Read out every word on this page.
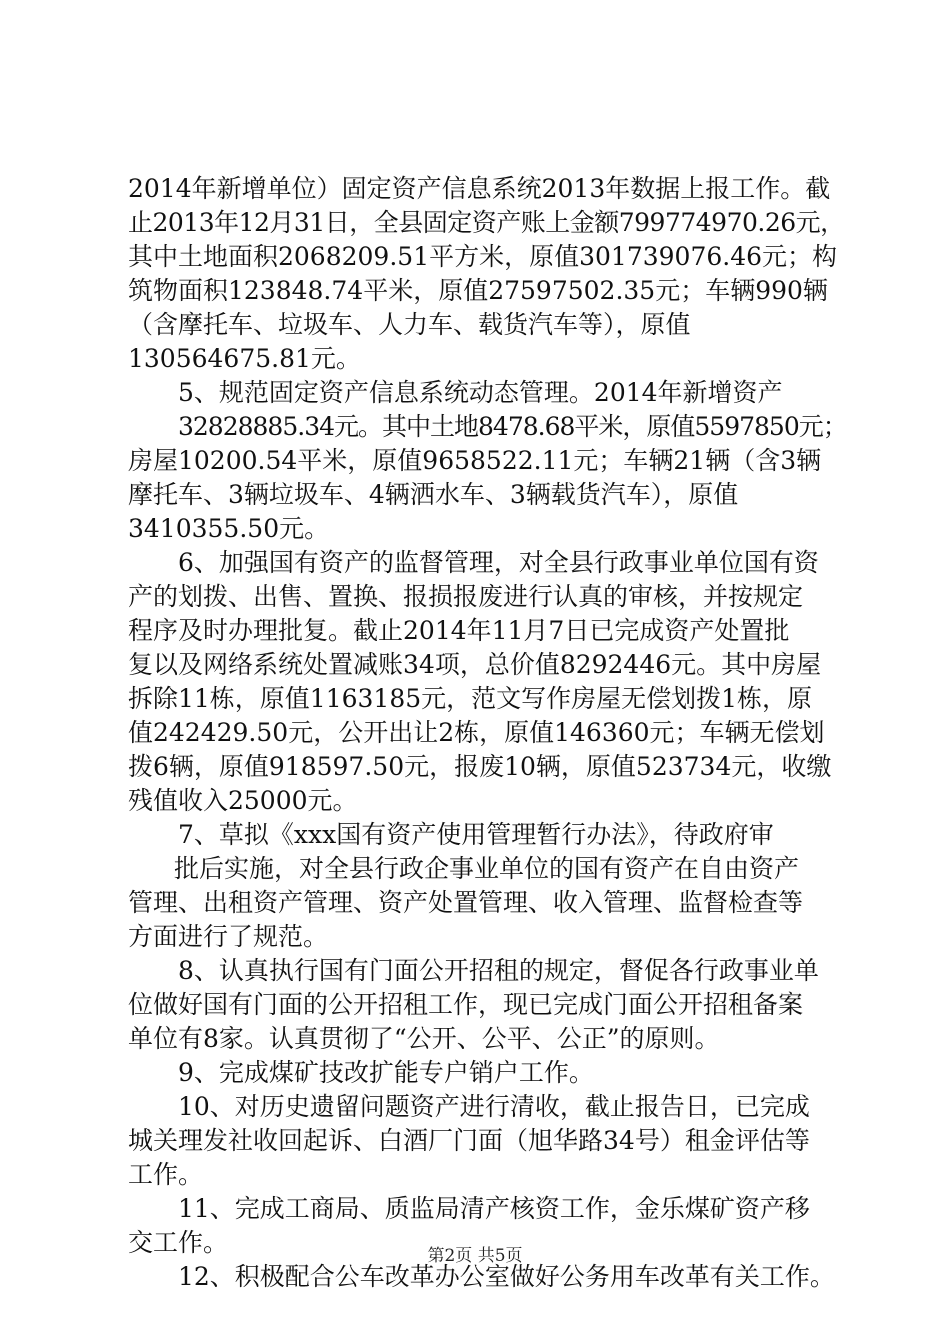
2014年新增单位）固定资产信息系统2013年数据上报工作。截
止2013年12月31日，全县固定资产账上金额799774970.26元，
其中土地面积2068209.51平方米，原值301739076.46元；构
筑物面积123848.74平米，原值27597502.35元；车辆990辆
（含摩托车、垃圾车、人力车、载货汽车等），原值
130564675.81元。
5、规范固定资产信息系统动态管理。2014年新增资产
32828885.34元。其中土地8478.68平米，原值5597850元；
房屋10200.54平米，原值9658522.11元；车辆21辆（含3辆
摩托车、3辆垃圾车、4辆洒水车、3辆载货汽车），原值
3410355.50元。
6、加强国有资产的监督管理，对全县行政事业单位国有资
产的划拨、出售、置换、报损报废进行认真的审核，并按规定
程序及时办理批复。截止2014年11月7日已完成资产处置批
复以及网络系统处置减账34项，总价值8292446元。其中房屋
拆除11栋，原值1163185元，范文写作房屋无偿划拨1栋，原
值242429.50元，公开出让2栋，原值146360元；车辆无偿划
拨6辆，原值918597.50元，报废10辆，原值523734元，收缴
残值收入25000元。
7、草拟《xxx国有资产使用管理暂行办法》，待政府审
批后实施，对全县行政企事业单位的国有资产在自由资产
管理、出租资产管理、资产处置管理、收入管理、监督检查等
方面进行了规范。
8、认真执行国有门面公开招租的规定，督促各行政事业单
位做好国有门面的公开招租工作，现已完成门面公开招租备案
单位有8家。认真贯彻了“公开、公平、公正”的原则。
9、完成煤矿技改扩能专户销户工作。
10、对历史遗留问题资产进行清收，截止报告日，已完成
城关理发社收回起诉、白酒厂门面（旭华路34号）租金评估等
工作。
11、完成工商局、质监局清产核资工作，金乐煤矿资产移
交工作。
12、积极配合公车改革办公室做好公务用车改革有关工作。
第2页 共5页
